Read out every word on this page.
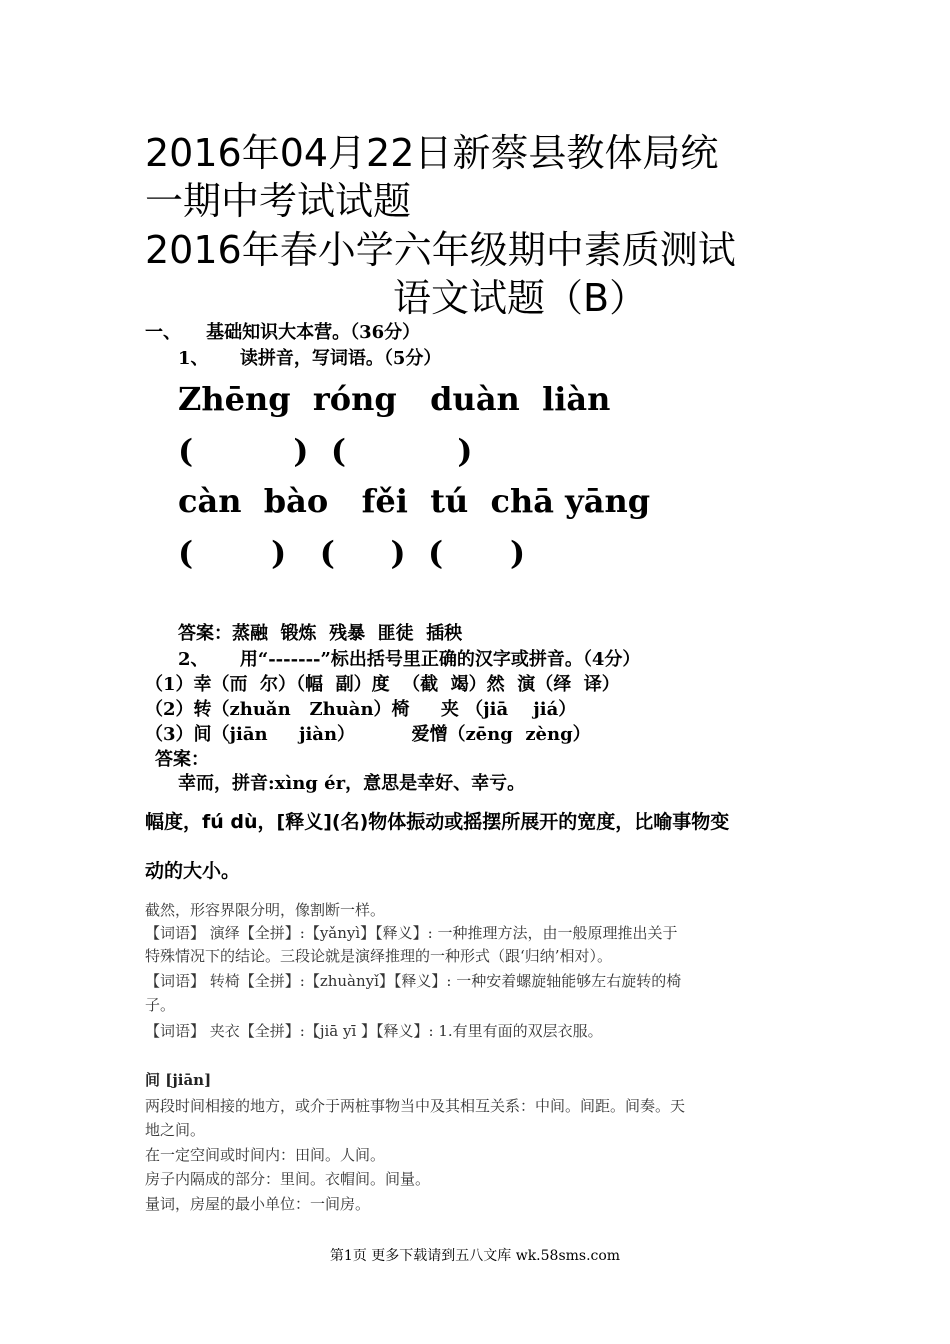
2016年04月22日新蔡县教体局统
一期中考试试题
2016年春小学六年级期中素质测试
语文试题（B）
一、    基础知识大本营。（36分）
1、     读拼音，写词语。（5分）
Zhēng  róng   duàn  liàn
(         )  (          )
càn  bào   fěi  tú  chā yāng
(       )   (     )  (      )
答案：蒸融  锻炼  残暴  匪徒  插秧
2、     用“-------”标出括号里正确的汉字或拼音。（4分）
（1）幸（而  尔）（幅  副）度  （截  竭）然  演（绎  译）
（2）转（zhuǎn   Zhuàn）椅     夹 （jiā    jiá）
（3）间（jiān     jiàn）         爱憎（zēng  zèng）
答案：
幸而，拼音:xìng ér，意思是幸好、幸亏。
幅度，fú dù，[释义](名)物体振动或摇摆所展开的宽度，比喻事物变
动的大小。
截然，形容界限分明，像割断一样。
【词语】 演绎【全拼】:【yǎnyì】【释义】: 一种推理方法，由一般原理推出关于
特殊情况下的结论。三段论就是演绎推理的一种形式（跟‘归纳’相对）。
【词语】 转椅【全拼】:【zhuànyǐ】【释义】: 一种安着螺旋轴能够左右旋转的椅
子。
【词语】 夹衣【全拼】:【jiā yī 】【释义】: 1.有里有面的双层衣服。
间 [jiān]
两段时间相接的地方，或介于两桩事物当中及其相互关系：中间。间距。间奏。天
地之间。
在一定空间或时间内：田间。人间。
房子内隔成的部分：里间。衣帽间。间量。
量词，房屋的最小单位：一间房。
第1页 更多下载请到五八文库 wk.58sms.com
